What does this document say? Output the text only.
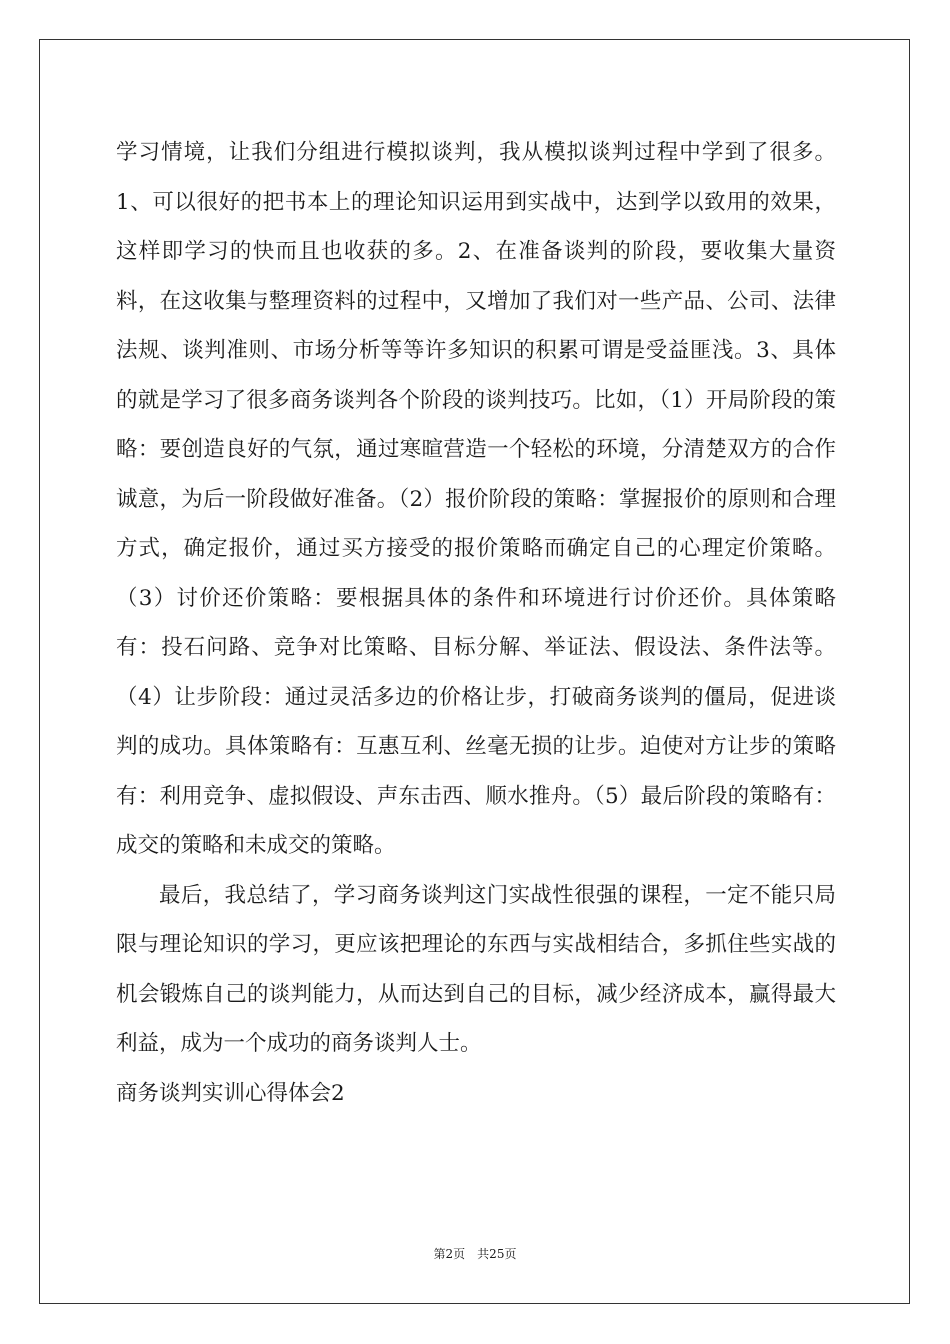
学习情境，让我们分组进行模拟谈判，我从模拟谈判过程中学到了很多。1、可以很好的把书本上的理论知识运用到实战中，达到学以致用的效果，这样即学习的快而且也收获的多。2、在准备谈判的阶段，要收集大量资料，在这收集与整理资料的过程中，又增加了我们对一些产品、公司、法律法规、谈判准则、市场分析等等许多知识的积累可谓是受益匪浅。3、具体的就是学习了很多商务谈判各个阶段的谈判技巧。比如，（1）开局阶段的策略：要创造良好的气氛，通过寒暄营造一个轻松的环境，分清楚双方的合作诚意，为后一阶段做好准备。（2）报价阶段的策略：掌握报价的原则和合理方式，确定报价，通过买方接受的报价策略而确定自己的心理定价策略。（3）讨价还价策略：要根据具体的条件和环境进行讨价还价。具体策略有：投石问路、竞争对比策略、目标分解、举证法、假设法、条件法等。（4）让步阶段：通过灵活多边的价格让步，打破商务谈判的僵局，促进谈判的成功。具体策略有：互惠互利、丝毫无损的让步。迫使对方让步的策略有：利用竞争、虚拟假设、声东击西、顺水推舟。（5）最后阶段的策略有：成交的策略和未成交的策略。

最后，我总结了，学习商务谈判这门实战性很强的课程，一定不能只局限与理论知识的学习，更应该把理论的东西与实战相结合，多抓住些实战的机会锻炼自己的谈判能力，从而达到自己的目标，减少经济成本，赢得最大利益，成为一个成功的商务谈判人士。

商务谈判实训心得体会2

第2页　共25页
